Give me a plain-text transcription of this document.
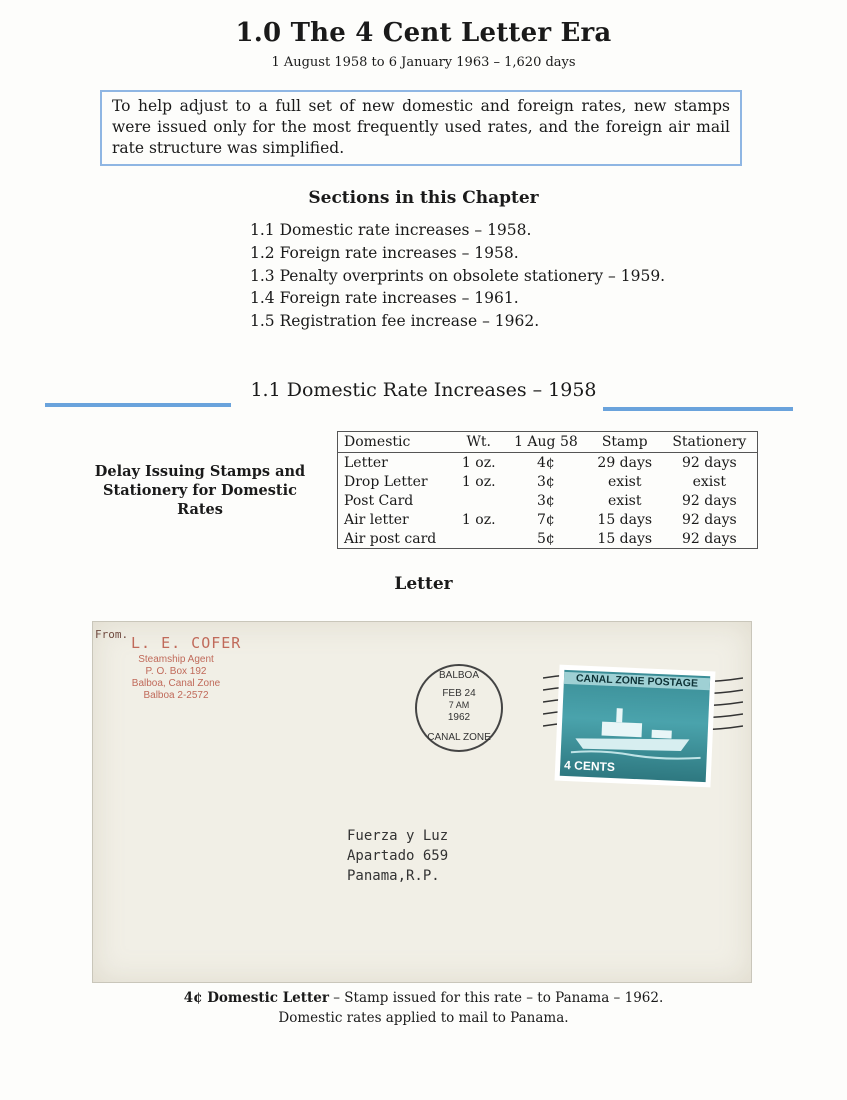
1.0 The 4 Cent Letter Era
1 August 1958 to 6 January 1963 – 1,620 days
To help adjust to a full set of new domestic and foreign rates, new stamps were issued only for the most frequently used rates, and the foreign air mail rate structure was simplified.
Sections in this Chapter
1.1 Domestic rate increases – 1958.
1.2 Foreign rate increases – 1958.
1.3 Penalty overprints on obsolete stationery – 1959.
1.4 Foreign rate increases – 1961.
1.5 Registration fee increase – 1962.
1.1 Domestic Rate Increases – 1958
Delay Issuing Stamps and
Stationery for Domestic Rates
Domestic	Wt.	1 Aug 58	Stamp	Stationery
Letter	1 oz.	4¢	29 days	92 days
Drop Letter	1 oz.	3¢	exist	exist
Post Card		3¢	exist	92 days
Air letter	1 oz.	7¢	15 days	92 days
Air post card		5¢	15 days	92 days
Letter
From. L. E. COFER
Steamship Agent
P. O. Box 192
Balboa, Canal Zone
Balboa 2-2572
BALBOA
FEB 24
7 AM
1962
CANAL ZONE
CANAL ZONE POSTAGE
4 CENTS
Fuerza y Luz
Apartado 659
Panama,R.P.
4¢ Domestic Letter – Stamp issued for this rate – to Panama – 1962.
Domestic rates applied to mail to Panama.
